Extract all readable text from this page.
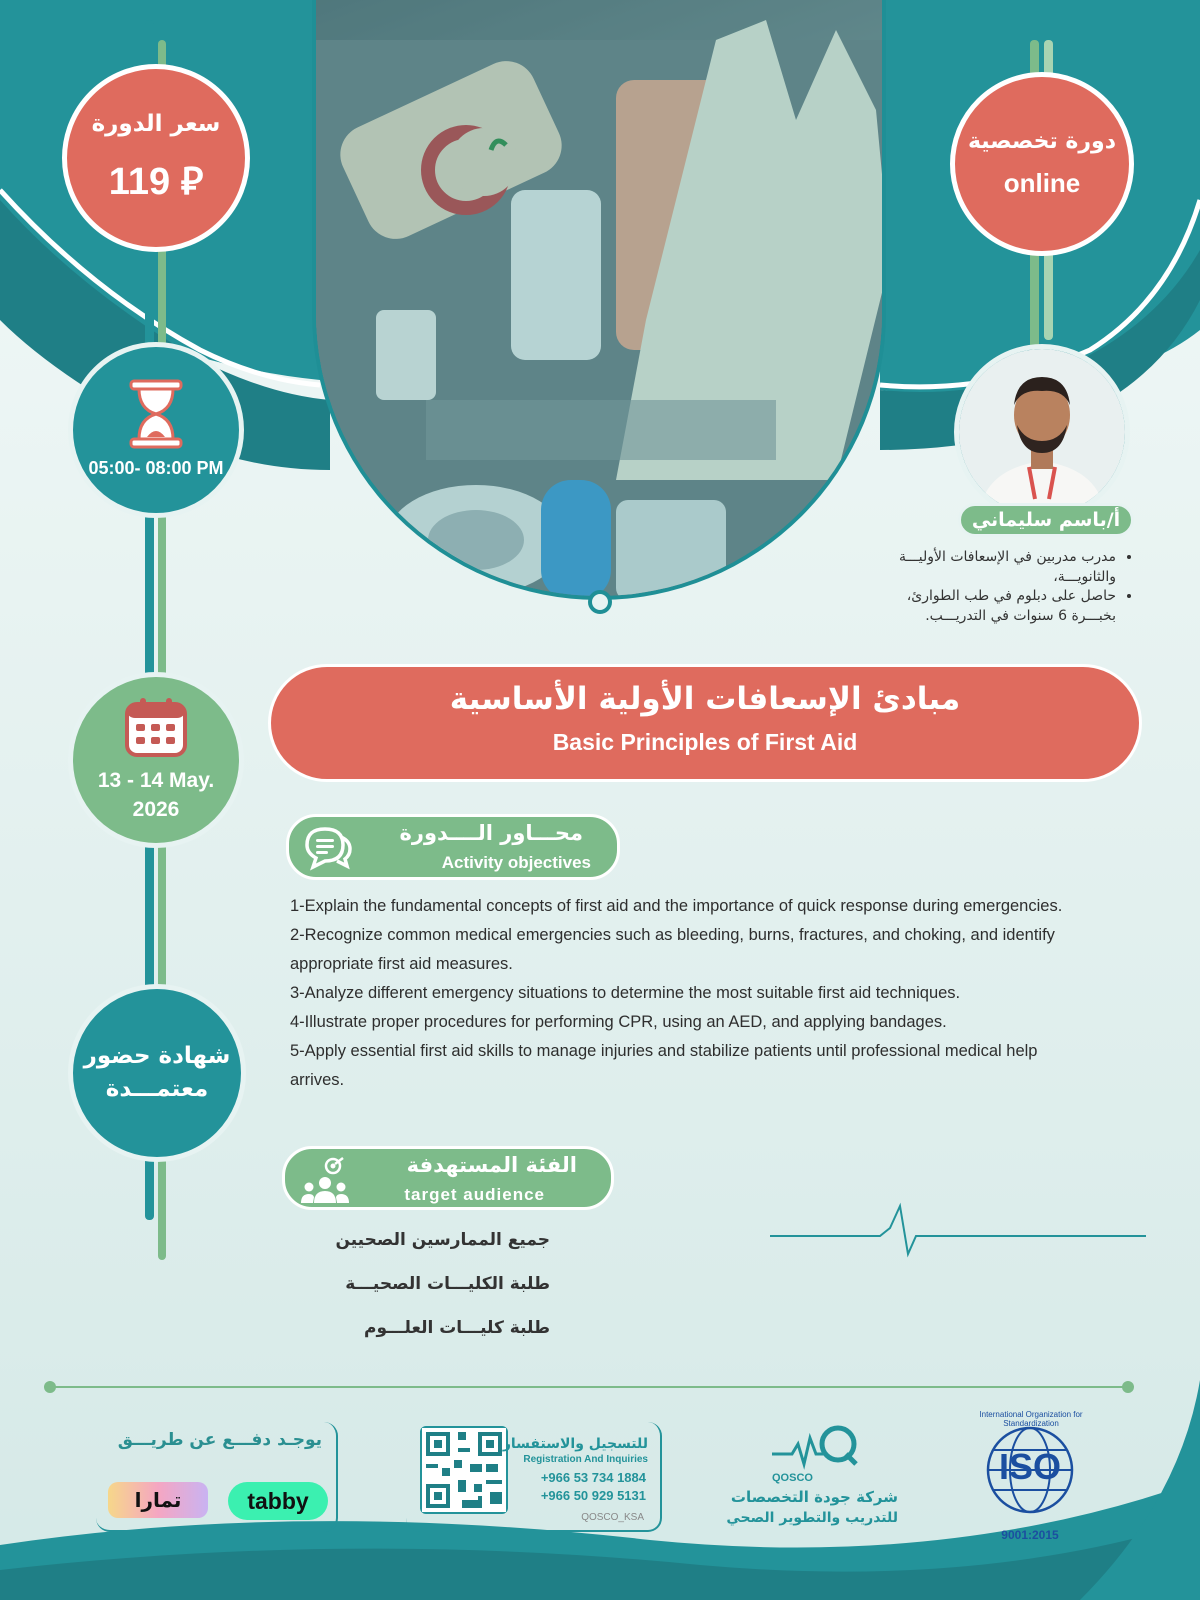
سعر الدورة
119 ⃁
دورة تخصصية
online
05:00- 08:00 PM
13 - 14 May. 2026
شهادة حضور
معتمـــدة
أ/باسم سليماني
• مدرب مدربين في الإسعافات الأوليـــة والثانويـــة،
• حاصل على دبلوم في طب الطوارئ، بخبـــرة 6 سنوات في التدريـــب.
مبادئ الإسعافات الأولية الأساسية
Basic Principles of First Aid
محـــاور الــــدورة
Activity objectives
1-Explain the fundamental concepts of first aid and the importance of quick response during emergencies.
2-Recognize common medical emergencies such as bleeding, burns, fractures, and choking, and identify appropriate first aid measures.
3-Analyze different emergency situations to determine the most suitable first aid techniques.
4-Illustrate proper procedures for performing CPR, using an AED, and applying bandages.
5-Apply essential first aid skills to manage injuries and stabilize patients until professional medical help arrives.
الفئة المستهدفة
target audience
جميع الممارسين الصحيين
طلبة الكليـــات الصحيـــة
طلبة كليـــات العلـــوم
يوجـد دفـــع عن طريـــق
تمارا	tabby
للتسجيل والاستفسار
Registration And Inquiries
+966 53 734 1884
+966 50 929 5131
QOSCO_KSA
QOSCO
شركة جودة التخصصات
للتدريب والتطوير الصحي
International Organization for Standardization
ISO
9001:2015
